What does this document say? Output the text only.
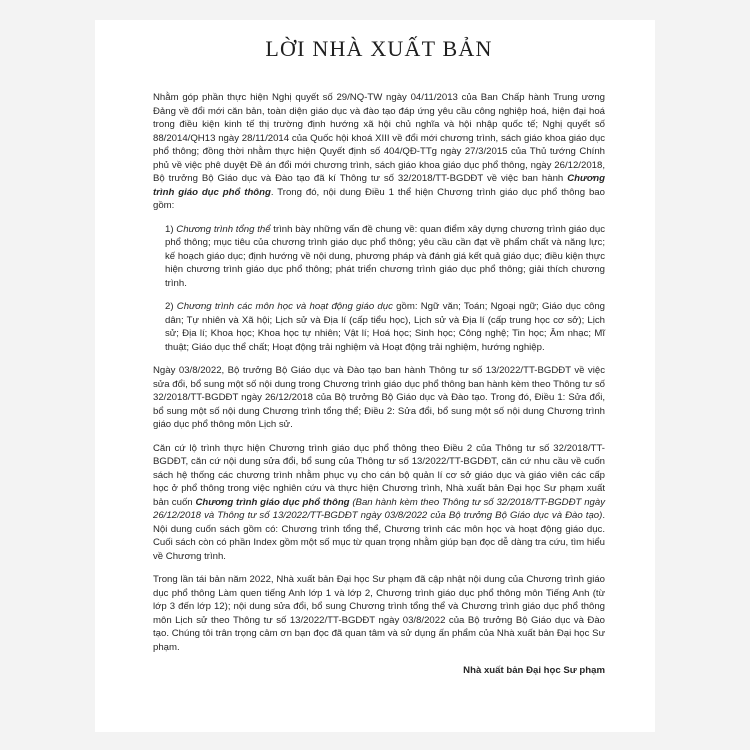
LỜI NHÀ XUẤT BẢN

Nhằm góp phần thực hiện Nghị quyết số 29/NQ-TW ngày 04/11/2013 của Ban Chấp hành Trung ương Đảng về đổi mới căn bản, toàn diện giáo dục và đào tạo đáp ứng yêu cầu công nghiệp hoá, hiện đại hoá trong điều kiện kinh tế thị trường định hướng xã hội chủ nghĩa và hội nhập quốc tế; Nghị quyết số 88/2014/QH13 ngày 28/11/2014 của Quốc hội khoá XIII về đổi mới chương trình, sách giáo khoa giáo dục phổ thông; đồng thời nhằm thực hiện Quyết định số 404/QĐ-TTg ngày 27/3/2015 của Thủ tướng Chính phủ về việc phê duyệt Đề án đổi mới chương trình, sách giáo khoa giáo dục phổ thông, ngày 26/12/2018, Bộ trưởng Bộ Giáo dục và Đào tạo đã kí Thông tư số 32/2018/TT-BGDĐT về việc ban hành Chương trình giáo dục phổ thông. Trong đó, nội dung Điều 1 thể hiện Chương trình giáo dục phổ thông bao gồm:

1) Chương trình tổng thể trình bày những vấn đề chung về: quan điểm xây dựng chương trình giáo dục phổ thông; mục tiêu của chương trình giáo dục phổ thông; yêu cầu cần đạt về phẩm chất và năng lực; kế hoạch giáo dục; định hướng về nội dung, phương pháp và đánh giá kết quả giáo dục; điều kiện thực hiện chương trình giáo dục phổ thông; phát triển chương trình giáo dục phổ thông; giải thích chương trình.

2) Chương trình các môn học và hoạt động giáo dục gồm: Ngữ văn; Toán; Ngoại ngữ; Giáo dục công dân; Tự nhiên và Xã hội; Lịch sử và Địa lí (cấp tiểu học), Lịch sử và Địa lí (cấp trung học cơ sở); Lịch sử; Địa lí; Khoa học; Khoa học tự nhiên; Vật lí; Hoá học; Sinh học; Công nghệ; Tin học; Âm nhạc; Mĩ thuật; Giáo dục thể chất; Hoạt động trải nghiệm và Hoạt động trải nghiệm, hướng nghiệp.

Ngày 03/8/2022, Bộ trưởng Bộ Giáo dục và Đào tạo ban hành Thông tư số 13/2022/TT-BGDĐT về việc sửa đổi, bổ sung một số nội dung trong Chương trình giáo dục phổ thông ban hành kèm theo Thông tư số 32/2018/TT-BGDĐT ngày 26/12/2018 của Bộ trưởng Bộ Giáo dục và Đào tạo. Trong đó, Điều 1: Sửa đổi, bổ sung một số nội dung Chương trình tổng thể; Điều 2: Sửa đổi, bổ sung một số nội dung Chương trình giáo dục phổ thông môn Lịch sử.

Căn cứ lộ trình thực hiện Chương trình giáo dục phổ thông theo Điều 2 của Thông tư số 32/2018/TT-BGDĐT, căn cứ nội dung sửa đổi, bổ sung của Thông tư số 13/2022/TT-BGDĐT, căn cứ nhu cầu về cuốn sách hệ thống các chương trình nhằm phục vụ cho cán bộ quản lí cơ sở giáo dục và giáo viên các cấp học ở phổ thông trong việc nghiên cứu và thực hiện Chương trình, Nhà xuất bản Đại học Sư phạm xuất bản cuốn Chương trình giáo dục phổ thông (Ban hành kèm theo Thông tư số 32/2018/TT-BGDĐT ngày 26/12/2018 và Thông tư số 13/2022/TT-BGDĐT ngày 03/8/2022 của Bộ trưởng Bộ Giáo dục và Đào tạo). Nội dung cuốn sách gồm có: Chương trình tổng thể, Chương trình các môn học và hoạt động giáo dục. Cuối sách còn có phần Index gồm một số mục từ quan trọng nhằm giúp bạn đọc dễ dàng tra cứu, tìm hiểu về Chương trình.

Trong lần tái bản năm 2022, Nhà xuất bản Đại học Sư phạm đã cập nhật nội dung của Chương trình giáo dục phổ thông Làm quen tiếng Anh lớp 1 và lớp 2, Chương trình giáo dục phổ thông môn Tiếng Anh (từ lớp 3 đến lớp 12); nội dung sửa đổi, bổ sung Chương trình tổng thể và Chương trình giáo dục phổ thông môn Lịch sử theo Thông tư số 13/2022/TT-BGDĐT ngày 03/8/2022 của Bộ trưởng Bộ Giáo dục và Đào tạo. Chúng tôi trân trọng cảm ơn bạn đọc đã quan tâm và sử dụng ấn phẩm của Nhà xuất bản Đại học Sư phạm.

Nhà xuất bản Đại học Sư phạm
